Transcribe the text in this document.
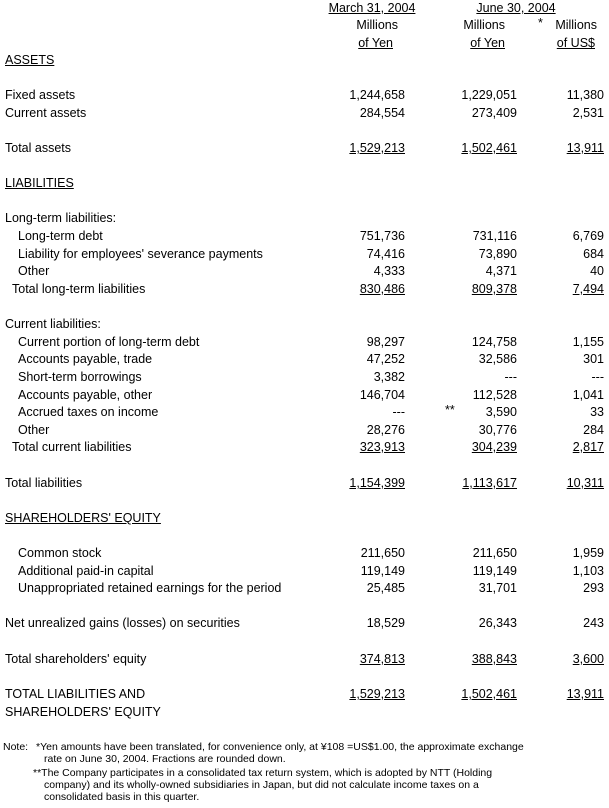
March 31, 2004	June 30, 2004
Millions
of Yen
Millions
of Yen
* Millions
of US$
ASSETS
LIABILITIES
SHAREHOLDERS' EQUITY
Fixed assets
Current assets
Total assets
Long-term liabilities:
Long-term debt
Liability for employees' severance payments
Other
Total long-term liabilities
Current liabilities:
Current portion of long-term debt
Accounts payable, trade
Short-term borrowings
Accounts payable, other
Accrued taxes on income
Other
Total current liabilities
Total liabilities
Common stock
Additional paid-in capital
Unappropriated retained earnings for the period
Net unrealized gains (losses) on securities
Total shareholders' equity
TOTAL LIABILITIES AND
SHAREHOLDERS' EQUITY
1,244,658
284,554
1,529,213
751,736
74,416
4,333
830,486
98,297
47,252
3,382
146,704
---
28,276
323,913
1,154,399
211,650
119,149
25,485
18,529
374,813
1,529,213
1,229,051
273,409
1,502,461
731,116
73,890
4,371
809,378
124,758
32,586
---
112,528
**	3,590
30,776
304,239
1,113,617
211,650
119,149
31,701
26,343
388,843
1,502,461
11,380
2,531
13,911
6,769
684
40
7,494
1,155
301
---
1,041
33
284
2,817
10,311
1,959
1,103
293
243
3,600
13,911
Note: *Yen amounts have been translated, for convenience only, at ¥108 =US$1.00, the approximate exchange
rate on June 30, 2004. Fractions are rounded down.
**The Company participates in a consolidated tax return system, which is adopted by NTT (Holding
company) and its wholly-owned subsidiaries in Japan, but did not calculate income taxes on a
consolidated basis in this quarter.
